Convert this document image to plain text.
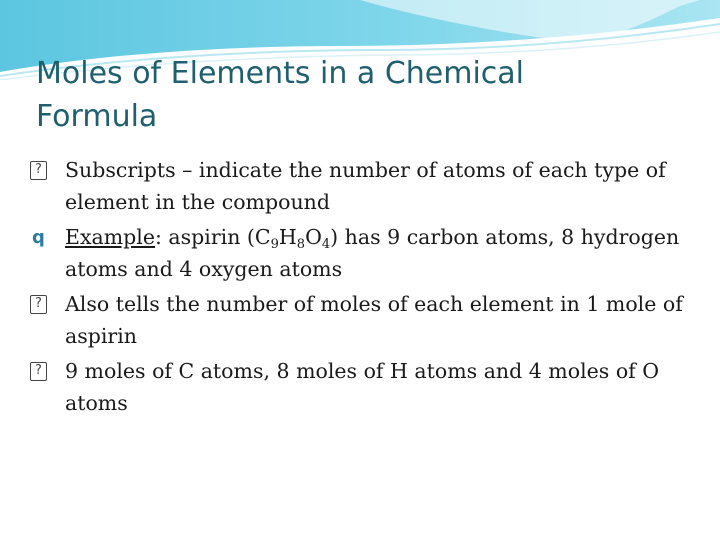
Moles of Elements in a Chemical
Formula
? Subscripts – indicate the number of atoms of each type of element in the compound
q Example: aspirin $(C_9H_8O_4)$ has 9 carbon atoms, 8 hydrogen atoms and 4 oxygen atoms
? Also tells the number of moles of each element in 1 mole of aspirin
? 9 moles of C atoms, 8 moles of H atoms and 4 moles of O atoms
